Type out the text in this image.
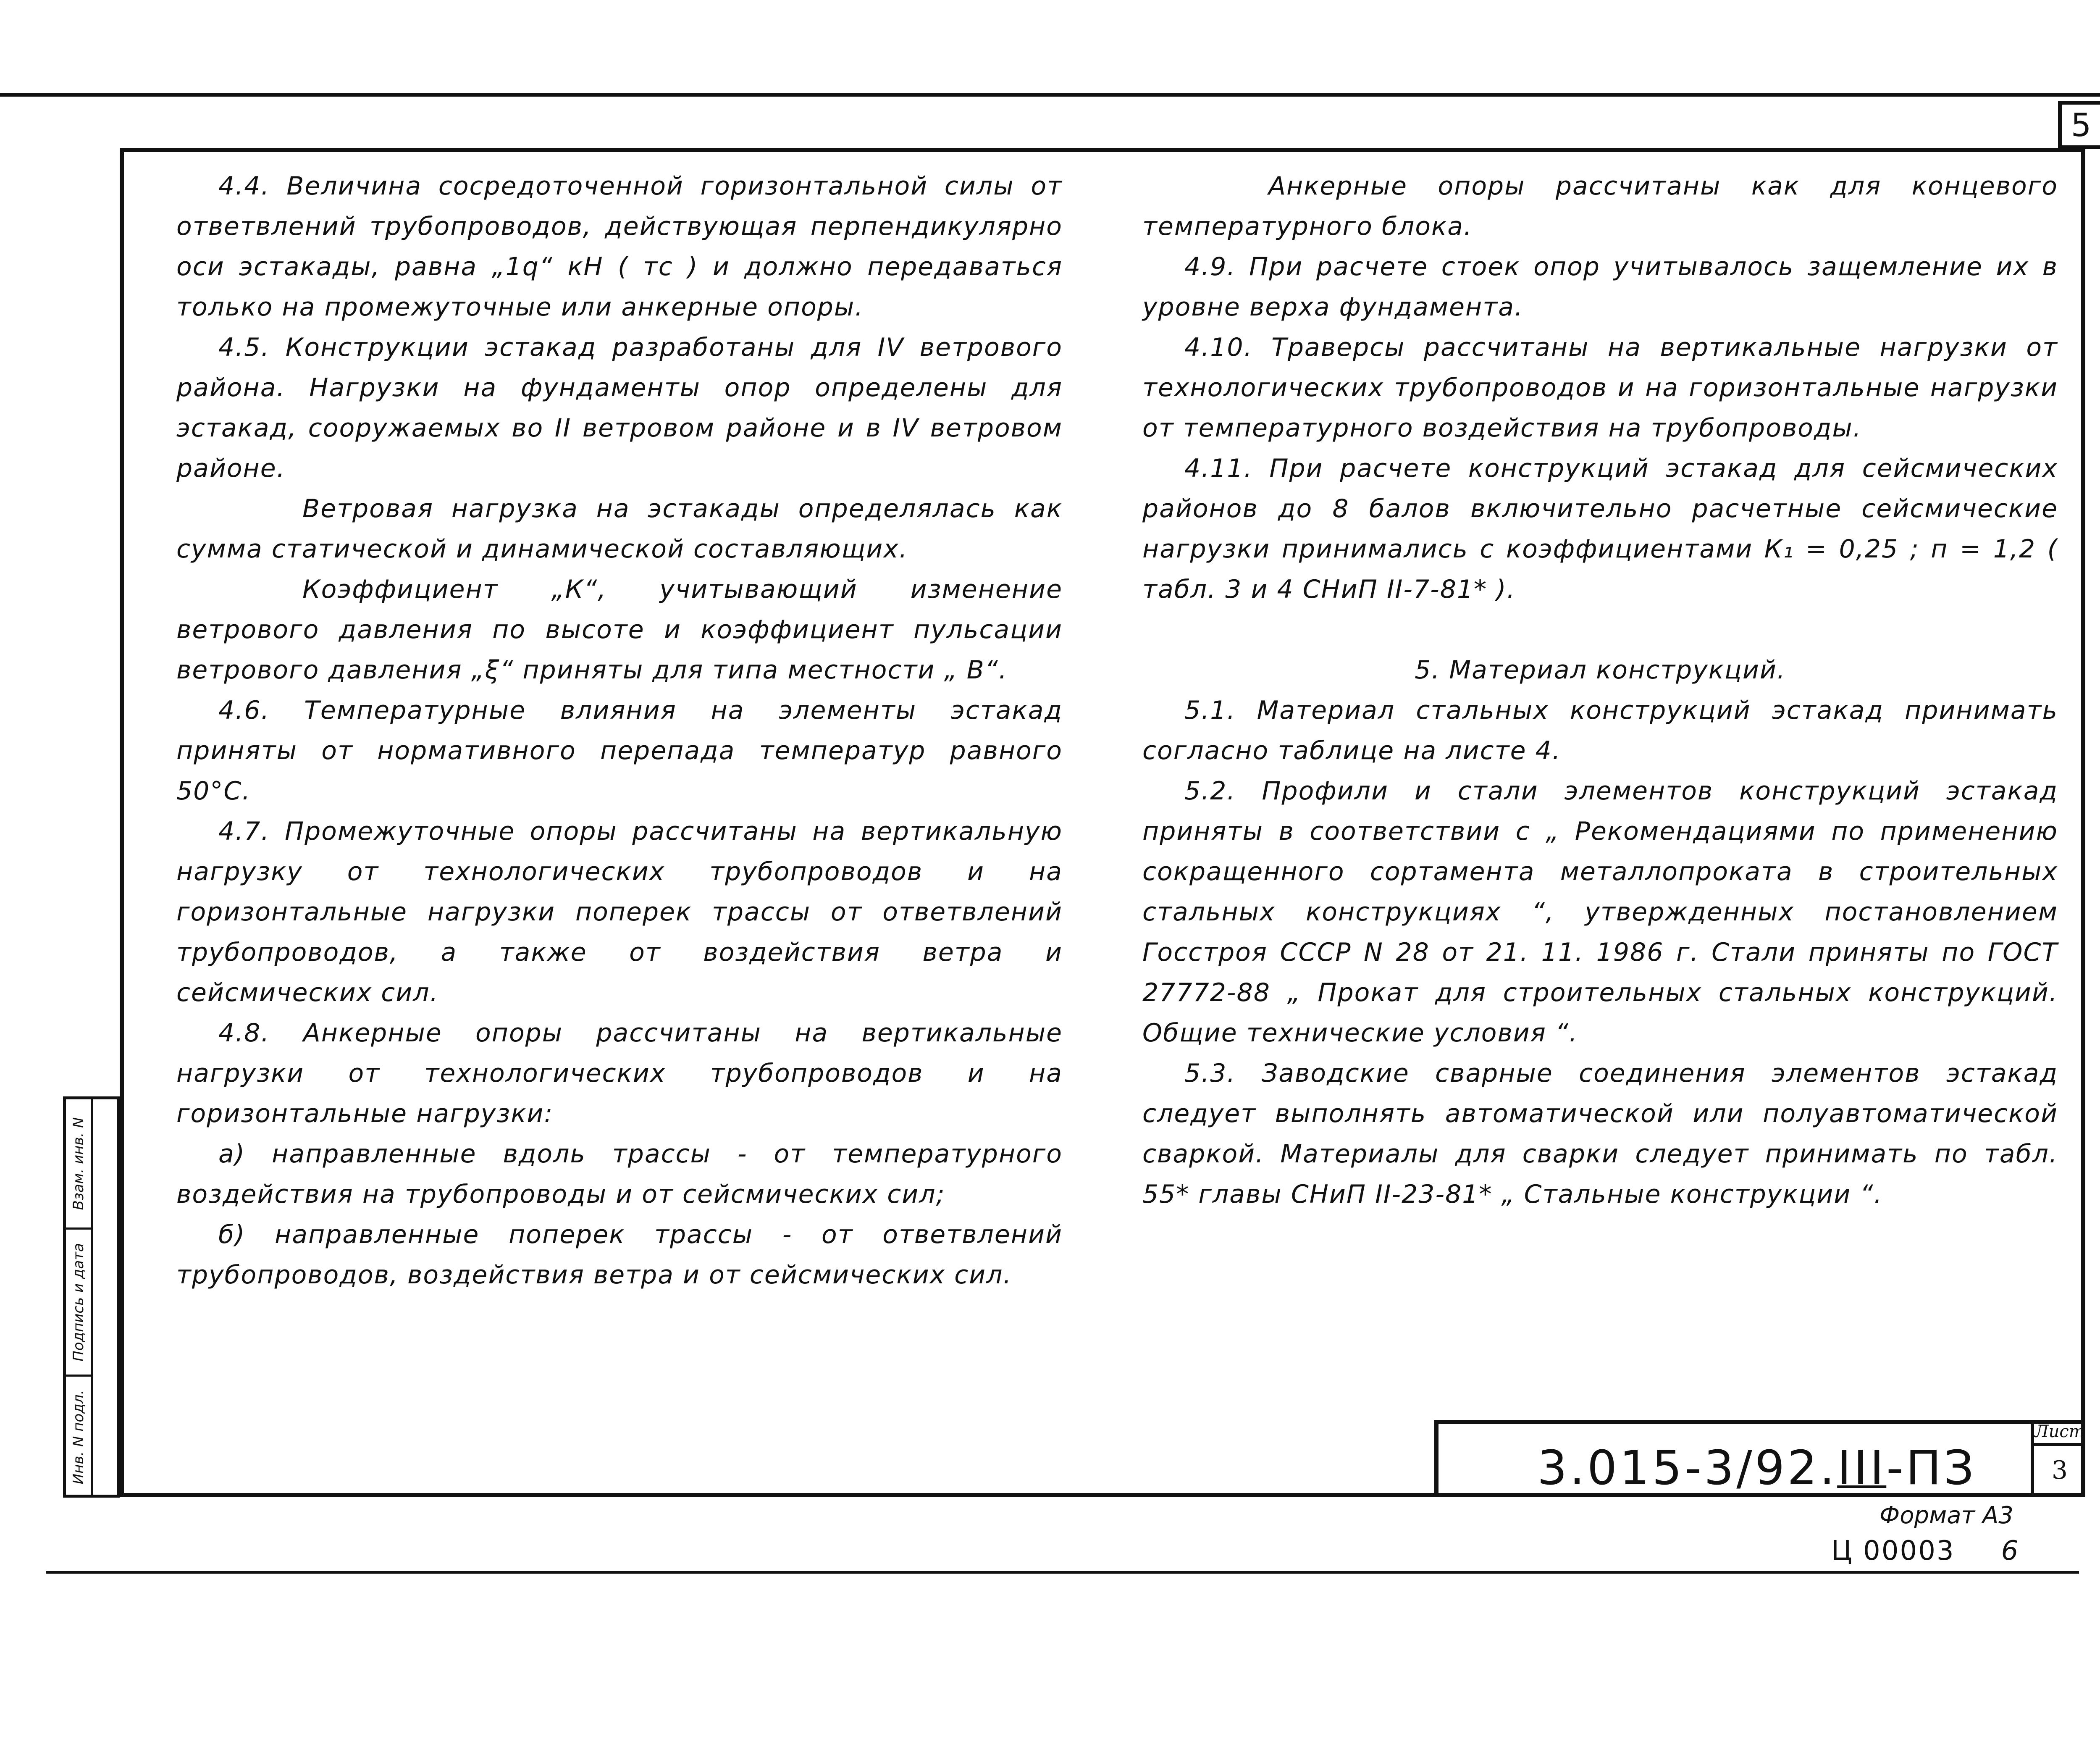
5

4.4. Величина сосредоточенной горизонтальной силы от ответвлений трубопроводов, действующая перпендикулярно оси эстакады, равна „1q“ кН ( тс ) и должно передаваться только на промежуточные или анкерные опоры.

4.5. Конструкции эстакад разработаны для IV ветрового района. Нагрузки на фундаменты опор определены для эстакад, сооружаемых во II ветровом районе и в IV ветровом районе.

Ветровая нагрузка на эстакады определялась как сумма статической и динамической составляющих.

Коэффициент „К“, учитывающий изменение ветрового давления по высоте и коэффициент пульсации ветрового давления „ξ“ приняты для типа местности „ В“.

4.6. Температурные влияния на элементы эстакад приняты от нормативного перепада температур равного 50°С.

4.7. Промежуточные опоры рассчитаны на вертикальную нагрузку от технологических трубопроводов и на горизонтальные нагрузки поперек трассы от ответвлений трубопроводов, а также от воздействия ветра и сейсмических сил.

4.8. Анкерные опоры рассчитаны на вертикальные нагрузки от технологических трубопроводов и на горизонтальные нагрузки:

а) направленные вдоль трассы - от температурного воздействия на трубопроводы и от сейсмических сил;

б) направленные поперек трассы - от ответвлений трубопроводов, воздействия ветра и от сейсмических сил.

Анкерные опоры рассчитаны как для концевого температурного блока.

4.9. При расчете стоек опор учитывалось защемление их в уровне верха фундамента.

4.10. Траверсы рассчитаны на вертикальные нагрузки от технологических трубопроводов и на горизонтальные нагрузки от температурного воздействия на трубопроводы.

4.11. При расчете конструкций эстакад для сейсмических районов до 8 балов включительно расчетные сейсмические нагрузки принимались с коэффициентами К₁ = 0,25 ; п = 1,2 ( табл. 3 и 4 СНиП II-7-81* ).

5. Материал конструкций.

5.1. Материал стальных конструкций эстакад принимать согласно таблице на листе 4.

5.2. Профили и стали элементов конструкций эстакад приняты в соответствии с „ Рекомендациями по применению сокращенного сортамента металлопроката в строительных стальных конструкциях “, утвержденных постановлением Госстроя СССР N 28 от 21. 11. 1986 г. Стали приняты по ГОСТ 27772-88 „ Прокат для строительных стальных конструкций. Общие технические условия “.

5.3. Заводские сварные соединения элементов эстакад следует выполнять автоматической или полуавтоматической сваркой. Материалы для сварки следует принимать по табл. 55* главы СНиП II-23-81* „ Стальные конструкции “.

Взам. инв. N
Подпись и дата
Инв. N подл.	3.015-3/92.III-ПЗ
Лист
3
Формат А3
Ц 00003 6
